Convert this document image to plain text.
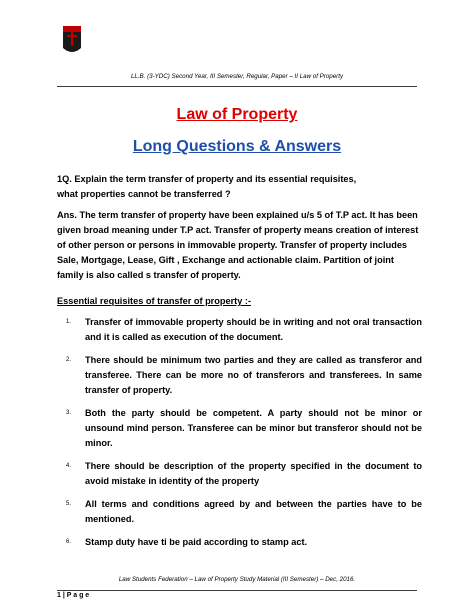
LL.B. (3-YDC) Second Year, III Semester, Regular, Paper – II Law of Property
Law of Property
Long Questions & Answers
1Q. Explain the term transfer of property and its essential requisites,
what properties cannot be transferred ?
Ans. The term transfer of property have been explained u/s 5 of T.P act. It has been given broad meaning under T.P act. Transfer of property means creation of interest of other person or persons in immovable property. Transfer of property includes Sale, Mortgage, Lease, Gift , Exchange and actionable claim. Partition of joint family is also called s transfer of property.
Essential requisites of transfer of property :-
1. Transfer of immovable property should be in writing and not oral transaction and it is called as execution of the document.
2. There should be minimum two parties and they are called as transferor and transferee. There can be more no of transferors and transferees. In same transfer of property.
3. Both the party should be competent. A party should not be minor or unsound mind person. Transferee can be minor but transferor should not be minor.
4. There should be description of the property specified in the document to avoid mistake in identity of the property
5. All terms and conditions agreed by and between the parties have to be mentioned.
6. Stamp duty have ti be paid according to stamp act.
Law Students Federation – Law of Property Study Material (III Semester) – Dec, 2016.
1 | P a g e
